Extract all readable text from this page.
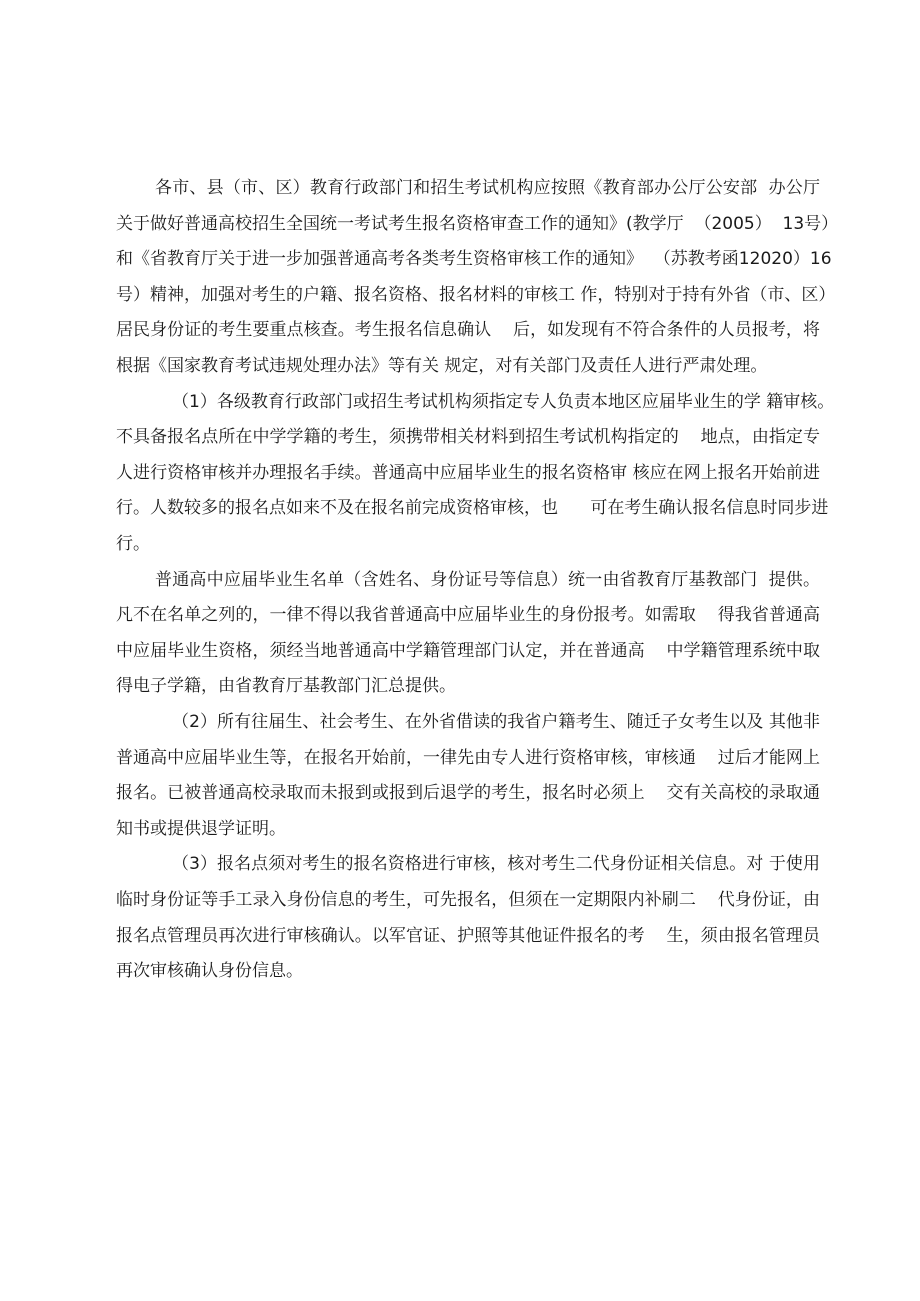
各市、县（市、区）教育行政部门和招生考试机构应按照《教育部办公厅公安部  办公厅
关于做好普通高校招生全国统一考试考生报名资格审查工作的通知》(教学厅  （2005）  13号）
和《省教育厅关于进一步加强普通高考各类考生资格审核工作的通知》  （苏教考函12020）16
号）精神，加强对考生的户籍、报名资格、报名材料的审核工 作，特别对于持有外省（市、区）
居民身份证的考生要重点核查。考生报名信息确认    后，如发现有不符合条件的人员报考，将
根据《国家教育考试违规处理办法》等有关 规定，对有关部门及责任人进行严肃处理。
（1）各级教育行政部门或招生考试机构须指定专人负责本地区应届毕业生的学 籍审核。
不具备报名点所在中学学籍的考生，须携带相关材料到招生考试机构指定的    地点，由指定专
人进行资格审核并办理报名手续。普通高中应届毕业生的报名资格审 核应在网上报名开始前进
行。人数较多的报名点如来不及在报名前完成资格审核，也      可在考生确认报名信息时同步进
行。
普通高中应届毕业生名单（含姓名、身份证号等信息）统一由省教育厅基教部门  提供。
凡不在名单之列的，一律不得以我省普通高中应届毕业生的身份报考。如需取    得我省普通高
中应届毕业生资格，须经当地普通高中学籍管理部门认定，并在普通高    中学籍管理系统中取
得电子学籍，由省教育厅基教部门汇总提供。
（2）所有往届生、社会考生、在外省借读的我省户籍考生、随迁子女考生以及 其他非
普通高中应届毕业生等，在报名开始前，一律先由专人进行资格审核，审核通    过后才能网上
报名。已被普通高校录取而未报到或报到后退学的考生，报名时必须上    交有关高校的录取通
知书或提供退学证明。
（3）报名点须对考生的报名资格进行审核，核对考生二代身份证相关信息。对 于使用
临时身份证等手工录入身份信息的考生，可先报名，但须在一定期限内补刷二    代身份证，由
报名点管理员再次进行审核确认。以军官证、护照等其他证件报名的考    生，须由报名管理员
再次审核确认身份信息。
